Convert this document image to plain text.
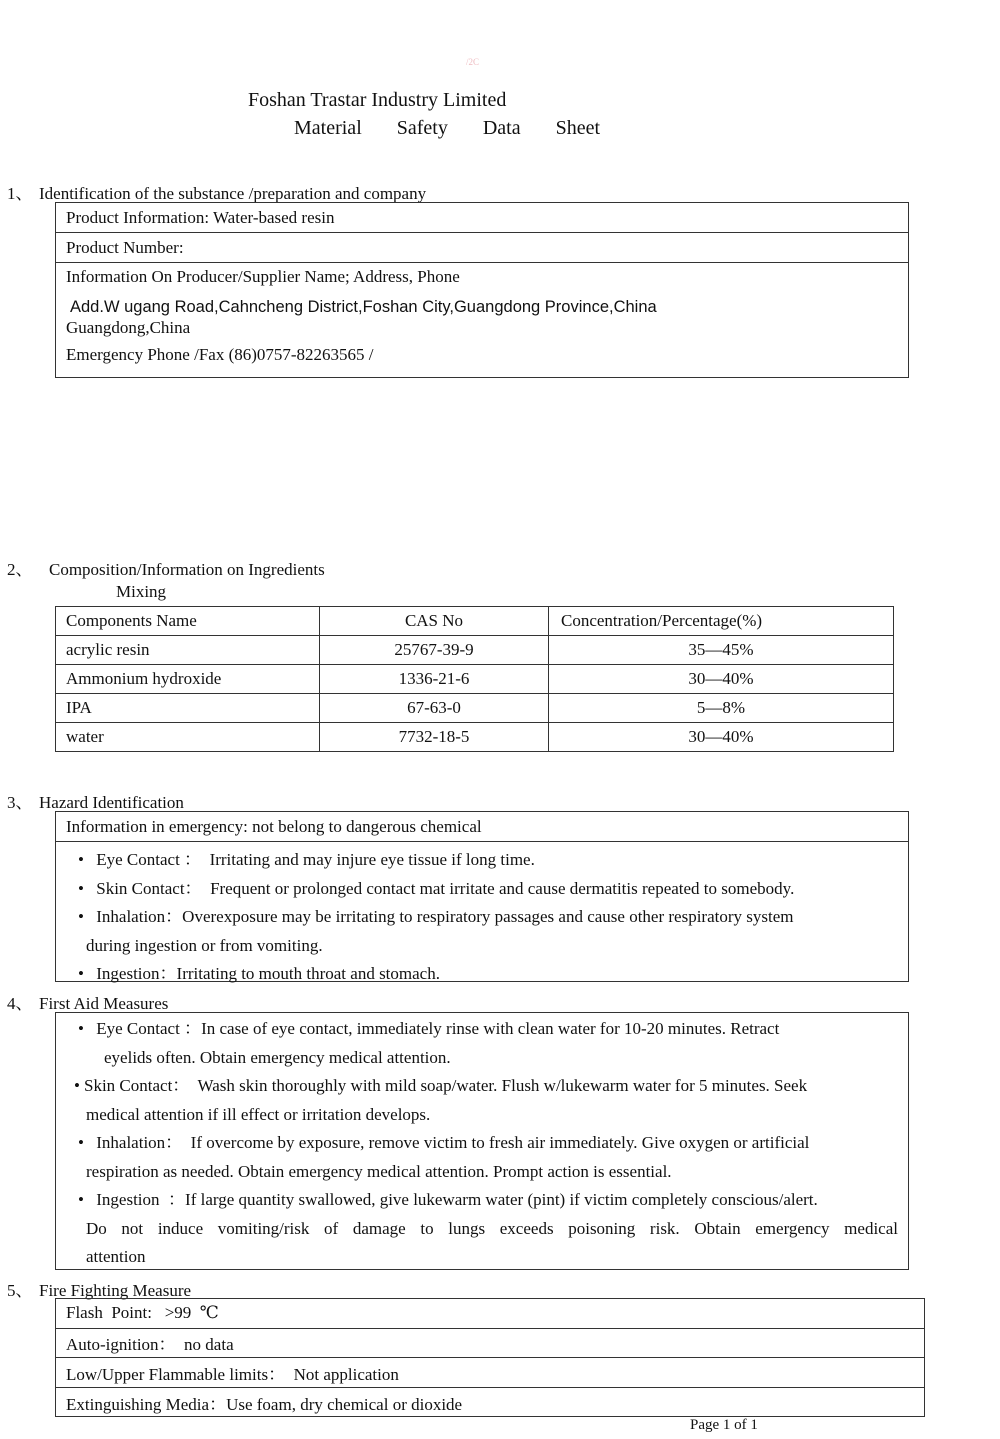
/2C
Foshan Trastar Industry Limited
Material Safety Data Sheet
1、 Identification of the substance /preparation and company
Product Information: Water-based resin
Product Number:
Information On Producer/Supplier Name; Address, Phone
Add.W ugang Road,Cahncheng District,Foshan City,Guangdong Province,China
Guangdong,China
Emergency Phone /Fax (86)0757-82263565 /
2、 Composition/Information on Ingredients
Mixing
Components Name	CAS No	Concentration/Percentage(%)
acrylic resin	25767-39-9	35—45%
Ammonium hydroxide	1336-21-6	30—40%
IPA	67-63-0	5—8%
water	7732-18-5	30—40%
3、 Hazard Identification
Information in emergency: not belong to dangerous chemical
• Eye Contact ：  Irritating and may injure eye tissue if long time.
• Skin Contact：  Frequent or prolonged contact mat irritate and cause dermatitis repeated to somebody.
• Inhalation：Overexposure may be irritating to respiratory passages and cause other respiratory system
during ingestion or from vomiting.
• Ingestion：Irritating to mouth throat and stomach.
4、 First Aid Measures
• Eye Contact ：In case of eye contact, immediately rinse with clean water for 10-20 minutes. Retract
eyelids often. Obtain emergency medical attention.
• Skin Contact：  Wash skin thoroughly with mild soap/water. Flush w/lukewarm water for 5 minutes. Seek
medical attention if ill effect or irritation develops.
• Inhalation：  If overcome by exposure, remove victim to fresh air immediately. Give oxygen or artificial
respiration as needed. Obtain emergency medical attention. Prompt action is essential.
• Ingestion  ：If large quantity swallowed, give lukewarm water (pint) if victim completely conscious/alert.
Do not induce vomiting/risk of damage to lungs exceeds poisoning risk. Obtain emergency medical
attention
5、 Fire Fighting Measure
Flash  Point:   >99  ℃
Auto-ignition：  no data
Low/Upper Flammable limits：  Not application
Extinguishing Media：Use foam, dry chemical or dioxide
Page 1 of 1
